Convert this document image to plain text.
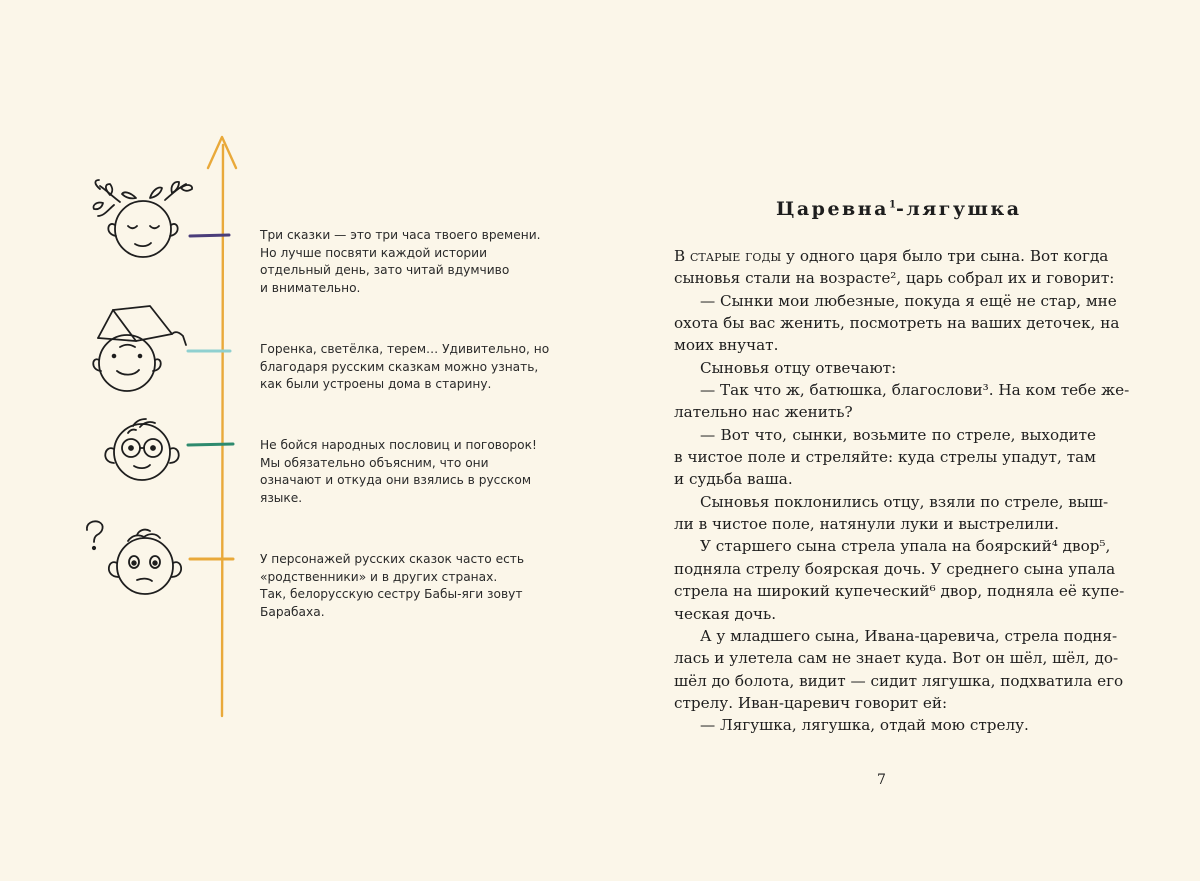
Три сказки — это три часа твоего времени.
Но лучше посвяти каждой истории
отдельный день, зато читай вдумчиво
и внимательно.

Горенка, светёлка, терем… Удивительно, но
благодаря русским сказкам можно узнать,
как были устроены дома в старину.

Не бойся народных пословиц и поговорок!
Мы обязательно объясним, что они
означают и откуда они взялись в русском
языке.

У персонажей русских сказок часто есть
«родственники» и в других странах.
Так, белорусскую сестру Бабы-яги зовут
Барабаха.

Царевна$^1$-лягушка
В старые годы у одного царя было три сына. Вот когда
сыновья стали на возрасте², царь собрал их и говорит:
— Сынки мои любезные, покуда я ещё не стар, мне
охота бы вас женить, посмотреть на ваших деточек, на
моих внучат.
Сыновья отцу отвечают:
— Так что ж, батюшка, благослови³. На ком тебе же-
лательно нас женить?
— Вот что, сынки, возьмите по стреле, выходите
в чистое поле и стреляйте: куда стрелы упадут, там
и судьба ваша.
Сыновья поклонились отцу, взяли по стреле, выш-
ли в чистое поле, натянули луки и выстрелили.
У старшего сына стрела упала на боярский⁴ двор⁵,
подняла стрелу боярская дочь. У среднего сына упала
стрела на широкий купеческий⁶ двор, подняла её купе-
ческая дочь.
А у младшего сына, Ивана-царевича, стрела подня-
лась и улетела сам не знает куда. Вот он шёл, шёл, до-
шёл до болота, видит — сидит лягушка, подхватила его
стрелу. Иван-царевич говорит ей:
— Лягушка, лягушка, отдай мою стрелу.
7
